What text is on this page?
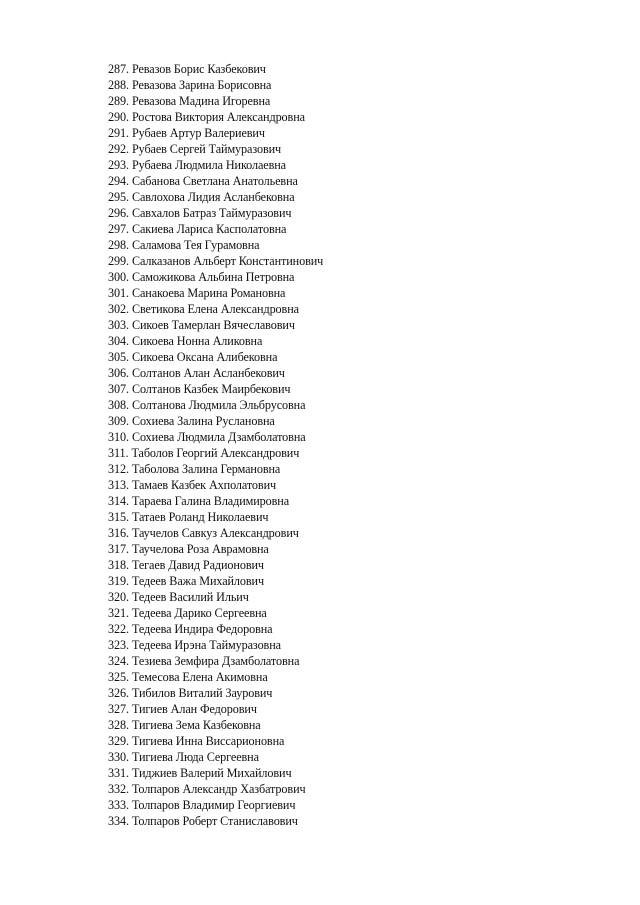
287. Ревазов Борис Казбекович
288. Ревазова Зарина Борисовна
289. Ревазова Мадина Игоревна
290. Ростова Виктория Александровна
291. Рубаев Артур Валериевич
292. Рубаев Сергей Таймуразович
293. Рубаева Людмила Николаевна
294. Сабанова Светлана Анатольевна
295. Савлохова Лидия Асланбековна
296. Савхалов Батраз Таймуразович
297. Сакиева Лариса Касполатовна
298. Саламова Тея Гурамовна
299. Салказанов Альберт Константинович
300. Саможикова Альбина Петровна
301. Санакоева Марина Романовна
302. Светикова Елена Александровна
303. Сикоев Тамерлан Вячеславович
304. Сикоева Нонна Аликовна
305. Сикоева Оксана Алибековна
306. Солтанов Алан Асланбекович
307. Солтанов Казбек Маирбекович
308. Солтанова Людмила Эльбрусовна
309. Сохиева Залина Руслановна
310. Сохиева Людмила Дзамболатовна
311. Таболов Георгий Александрович
312. Таболова Залина Германовна
313. Тамаев Казбек Ахполатович
314. Тараева Галина Владимировна
315. Татаев Роланд Николаевич
316. Таучелов Савкуз Александрович
317. Таучелова Роза Аврамовна
318. Тегаев Давид Радионович
319. Тедеев Важа Михайлович
320. Тедеев Василий Ильич
321. Тедеева Дарико Сергеевна
322. Тедеева Индира Федоровна
323. Тедеева Ирэна Таймуразовна
324. Тезиева Земфира Дзамболатовна
325. Темесова Елена Акимовна
326. Тибилов Виталий Заурович
327. Тигиев Алан Федорович
328. Тигиева Зема Казбековна
329. Тигиева Инна Виссарионовна
330. Тигиева Люда Сергеевна
331. Тиджиев Валерий Михайлович
332. Толпаров Александр Хазбатрович
333. Толпаров Владимир Георгиевич
334. Толпаров Роберт Станиславович
